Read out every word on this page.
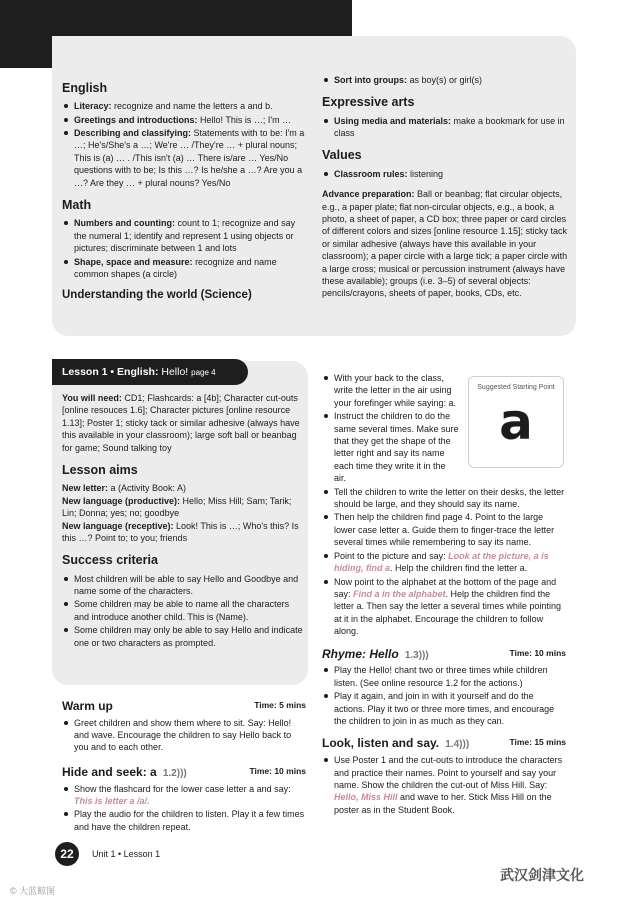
English
Literacy: recognize and name the letters a and b.
Greetings and introductions: Hello! This is …; I'm …
Describing and classifying: Statements with to be: I'm a …; He's/She's a …; We're … /They're … + plural nouns; This is (a) … . /This isn't (a) … There is/are … Yes/No questions with to be; Is this …? Is he/she a …? Are you a …? Are they … + plural nouns? Yes/No
Math
Numbers and counting: count to 1; recognize and say the numeral 1; identify and represent 1 using objects or pictures; discriminate between 1 and lots
Shape, space and measure: recognize and name common shapes (a circle)
Understanding the world (Science)
Sort into groups: as boy(s) or girl(s)
Expressive arts
Using media and materials: make a bookmark for use in class
Values
Classroom rules: listening

Advance preparation: Ball or beanbag; flat circular objects, e.g., a paper plate; flat non-circular objects, e.g., a book, a photo, a sheet of paper, a CD box; three paper or card circles of different colors and sizes [online resource 1.15]; sticky tack or similar adhesive (always have this available in your classroom); a paper circle with a large tick; a paper circle with a large cross; musical or percussion instrument (always have these available); groups (i.e. 3–5) of several objects: pencils/crayons, sheets of paper, books, CDs, etc.

Lesson 1 • English: Hello! page 4

You will need: CD1; Flashcards: a [4b]; Character cut-outs [online resouces 1.6]; Character pictures [online resource 1.13]; Poster 1; sticky tack or similar adhesive (always have this available in your classroom); large soft ball or beanbag for game; Sound talking toy

Lesson aims

New letter: a (Activity Book: A)

New language (productive): Hello; Miss Hill; Sam; Tarik; Lin; Donna; yes; no; goodbye

New language (receptive): Look! This is …; Who's this? Is this …? Point to; to you; friends

Success criteria
Most children will be able to say Hello and Goodbye and name some of the characters.
Some children may be able to name all the characters and introduce another child. This is (Name).
Some children may only be able to say Hello and indicate one or two characters as prompted.
Warm up	Time: 5 mins
Greet children and show them where to sit. Say: Hello! and wave. Encourage the children to say Hello back to you and to each other.
Hide and seek: a 1.2)))	Time: 10 mins
Show the flashcard for the lower case letter a and say: This is letter a /a/.
Play the audio for the children to listen. Play it a few times and have the children repeat.
Suggested Starting Point
a
With your back to the class, write the letter in the air using your forefinger while saying: a.
Instruct the children to do the same several times. Make sure that they get the shape of the letter right and say its name each time they write it in the air.
Tell the children to write the letter on their desks, the letter should be large, and they should say its name.
Then help the children find page 4. Point to the large lower case letter a. Guide them to finger-trace the letter several times while remembering to say its name.
Point to the picture and say: Look at the picture, a is hiding, find a. Help the children find the letter a.
Now point to the alphabet at the bottom of the page and say: Find a in the alphabet. Help the children find the letter a. Then say the letter a several times while pointing at it in the alphabet. Encourage the children to follow along.
Rhyme: Hello 1.3)))	Time: 10 mins
Play the Hello! chant two or three times while children listen. (See online resource 1.2 for the actions.)
Play it again, and join in with it yourself and do the actions. Play it two or three more times, and encourage the children to join in as much as they can.
Look, listen and say. 1.4)))	Time: 15 mins
Use Poster 1 and the cut-outs to introduce the characters and practice their names. Point to yourself and say your name. Show the children the cut-out of Miss Hill. Say: Hello, Miss Hill and wave to her. Stick Miss Hill on the poster as in the Student Book.
22	Unit 1 • Lesson 1
© 大蓝鲸图
武汉剑津文化
